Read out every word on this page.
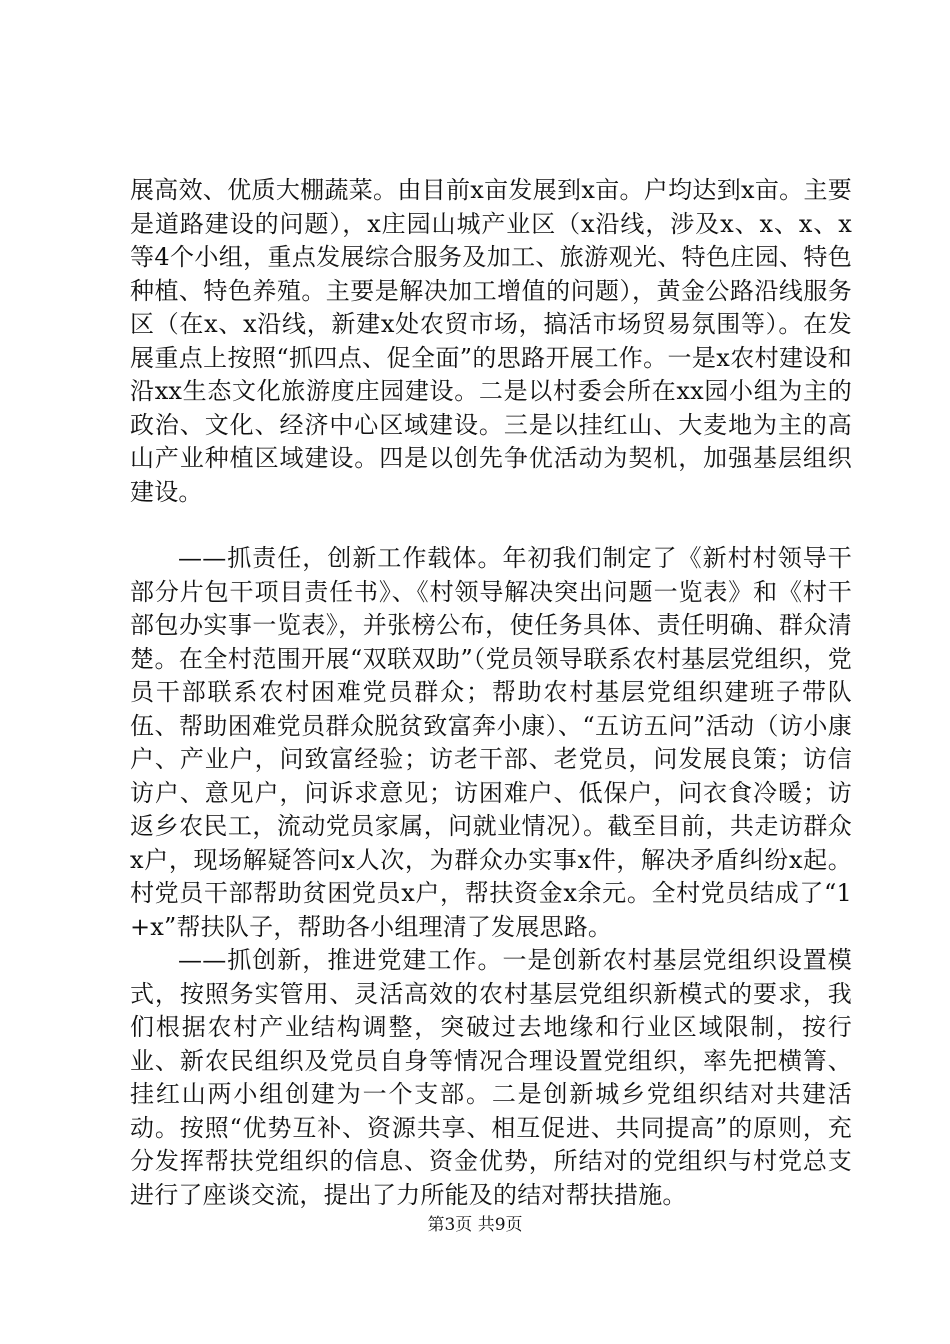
展高效、优质大棚蔬菜。由目前x亩发展到x亩。户均达到x亩。主要是道路建设的问题），x庄园山城产业区（x沿线，涉及x、x、x、x等4个小组，重点发展综合服务及加工、旅游观光、特色庄园、特色种植、特色养殖。主要是解决加工增值的问题），黄金公路沿线服务区（在x、x沿线，新建x处农贸市场，搞活市场贸易氛围等）。在发展重点上按照“抓四点、促全面”的思路开展工作。一是x农村建设和沿xx生态文化旅游度庄园建设。二是以村委会所在xx园小组为主的政治、文化、经济中心区域建设。三是以挂红山、大麦地为主的高山产业种植区域建设。四是以创先争优活动为契机，加强基层组织建设。

——抓责任，创新工作载体。年初我们制定了《新村村领导干部分片包干项目责任书》、《村领导解决突出问题一览表》和《村干部包办实事一览表》，并张榜公布，使任务具体、责任明确、群众清楚。在全村范围开展“双联双助”（党员领导联系农村基层党组织，党员干部联系农村困难党员群众；帮助农村基层党组织建班子带队伍、帮助困难党员群众脱贫致富奔小康）、“五访五问”活动（访小康户、产业户，问致富经验；访老干部、老党员，问发展良策；访信访户、意见户，问诉求意见；访困难户、低保户，问衣食冷暖；访返乡农民工，流动党员家属，问就业情况）。截至目前，共走访群众x户，现场解疑答问x人次，为群众办实事x件，解决矛盾纠纷x起。村党员干部帮助贫困党员x户，帮扶资金x余元。全村党员结成了“1+x”帮扶队子，帮助各小组理清了发展思路。

——抓创新，推进党建工作。一是创新农村基层党组织设置模式，按照务实管用、灵活高效的农村基层党组织新模式的要求，我们根据农村产业结构调整，突破过去地缘和行业区域限制，按行业、新农民组织及党员自身等情况合理设置党组织，率先把横箐、挂红山两小组创建为一个支部。二是创新城乡党组织结对共建活动。按照“优势互补、资源共享、相互促进、共同提高”的原则，充分发挥帮扶党组织的信息、资金优势，所结对的党组织与村党总支进行了座谈交流，提出了力所能及的结对帮扶措施。

第3页 共9页
